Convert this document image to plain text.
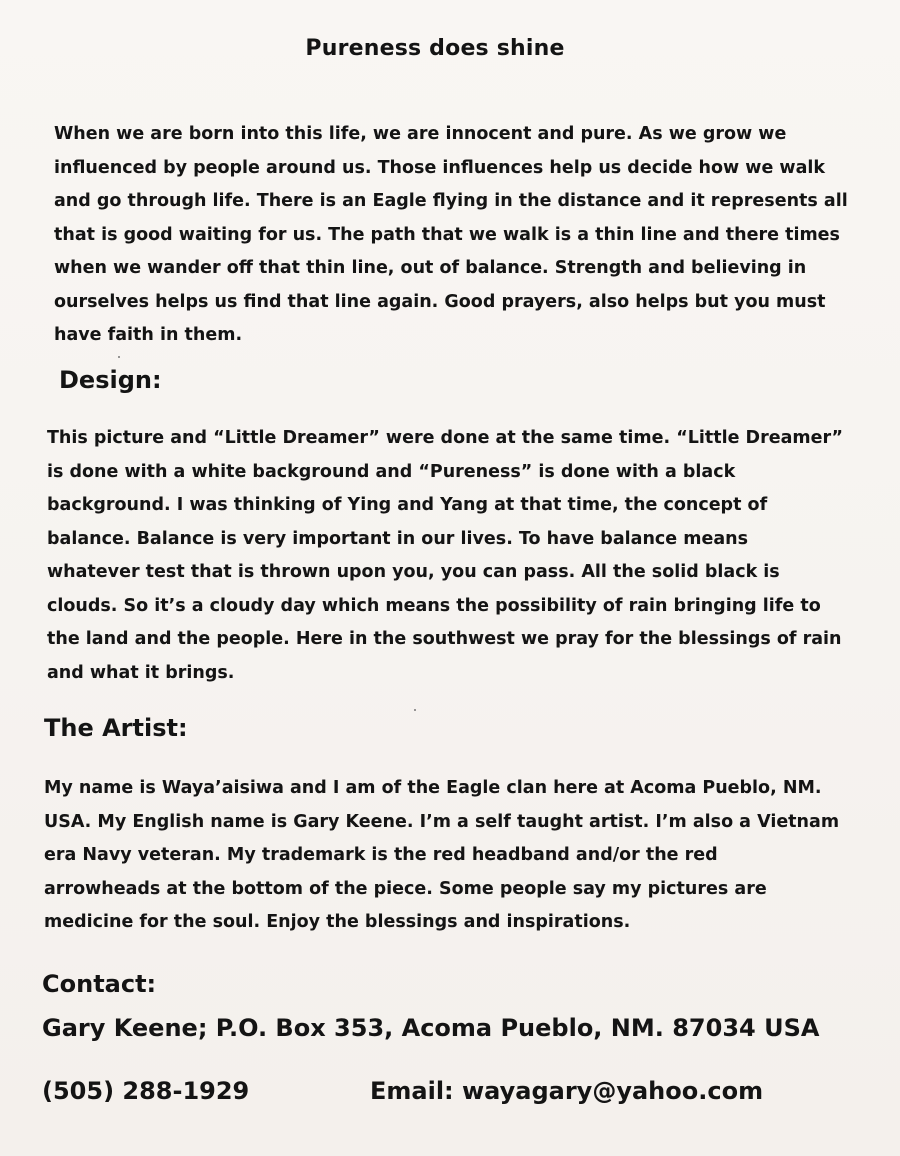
Pureness does shine

When we are born into this life, we are innocent and pure. As we grow we
influenced by people around us. Those influences help us decide how we walk
and go through life. There is an Eagle flying in the distance and it represents all
that is good waiting for us. The path that we walk is a thin line and there times
when we wander off that thin line, out of balance. Strength and believing in
ourselves helps us find that line again. Good prayers, also helps but you must
have faith in them.

Design:

This picture and “Little Dreamer” were done at the same time. “Little Dreamer”
is done with a white background and “Pureness” is done with a black
background. I was thinking of Ying and Yang at that time, the concept of
balance. Balance is very important in our lives. To have balance means
whatever test that is thrown upon you, you can pass. All the solid black is
clouds. So it’s a cloudy day which means the possibility of rain bringing life to
the land and the people. Here in the southwest we pray for the blessings of rain
and what it brings.

The Artist:

My name is Waya’aisiwa and I am of the Eagle clan here at Acoma Pueblo, NM.
USA. My English name is Gary Keene. I’m a self taught artist. I’m also a Vietnam
era Navy veteran. My trademark is the red headband and/or the red
arrowheads at the bottom of the piece. Some people say my pictures are
medicine for the soul. Enjoy the blessings and inspirations.

Contact:
Gary Keene; P.O. Box 353, Acoma Pueblo, NM. 87034 USA
(505) 288-1929	Email: wayagary@yahoo.com
